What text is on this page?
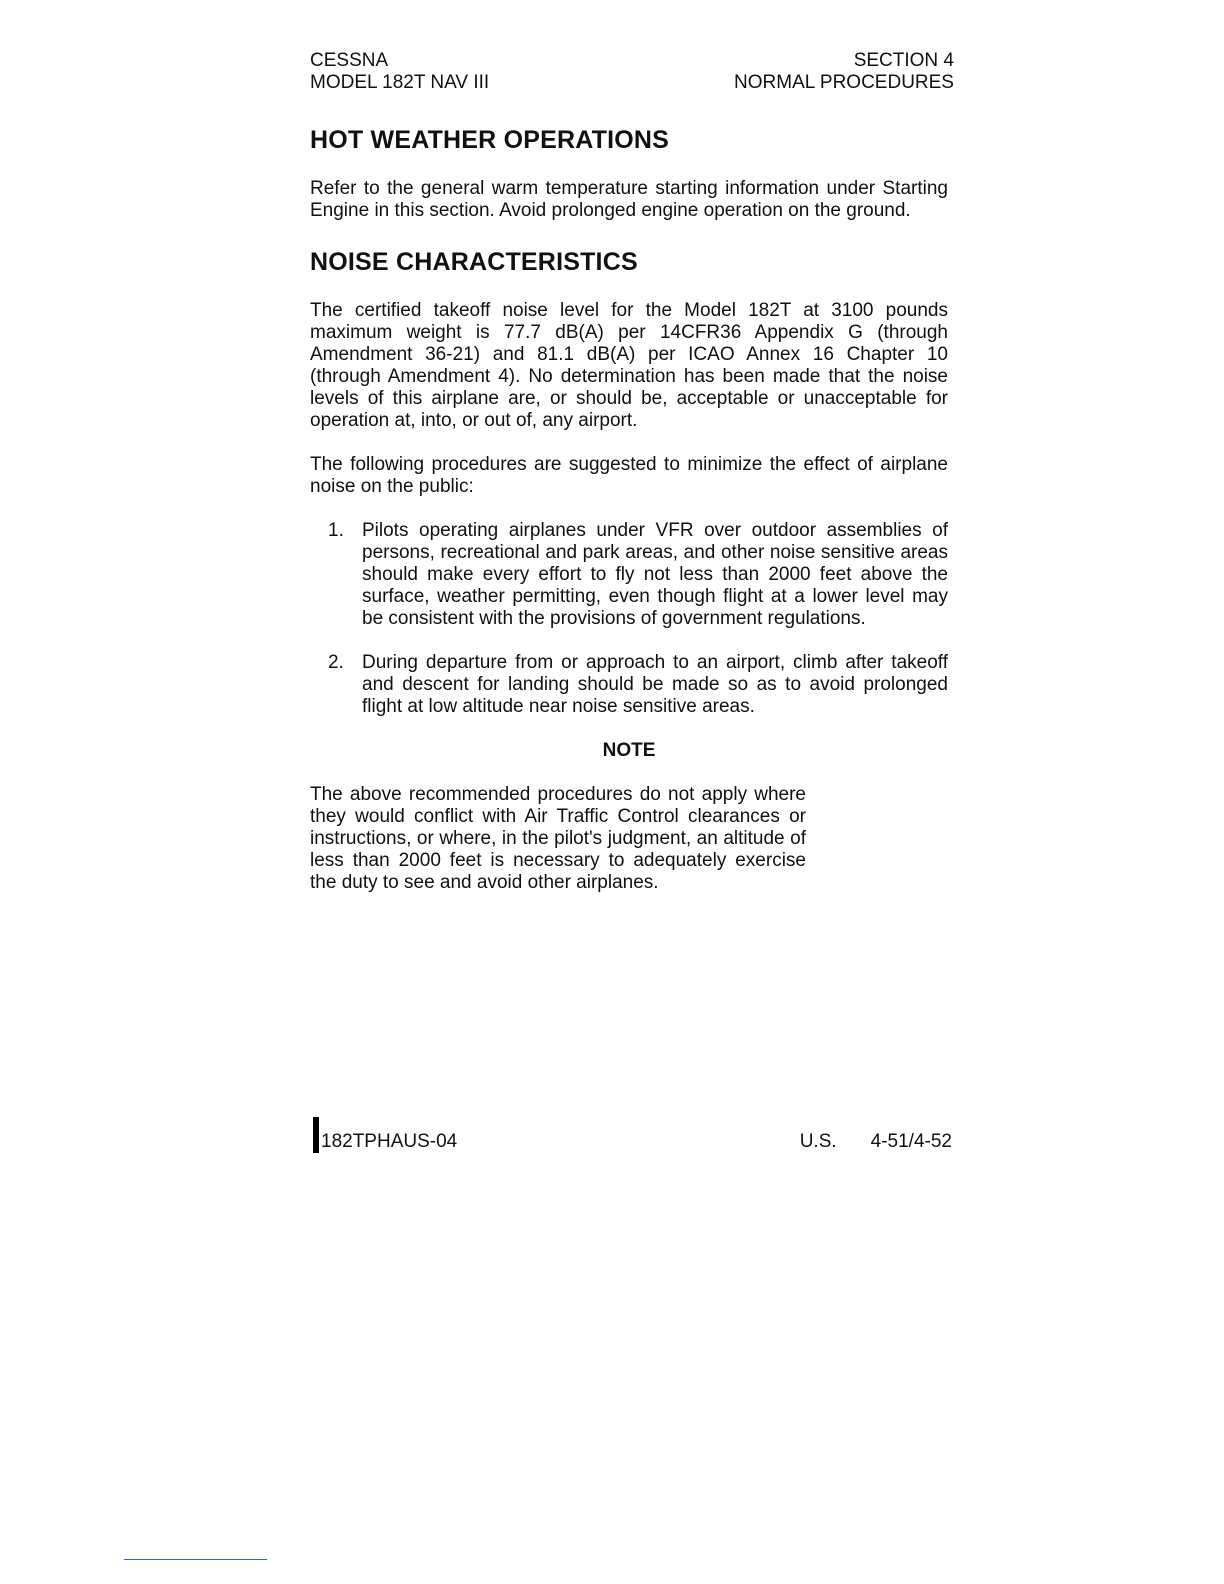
CESSNA
MODEL 182T NAV III
SECTION 4
NORMAL PROCEDURES
HOT WEATHER OPERATIONS

Refer to the general warm temperature starting information under Starting Engine in this section. Avoid prolonged engine operation on the ground.

NOISE CHARACTERISTICS

The certified takeoff noise level for the Model 182T at 3100 pounds maximum weight is 77.7 dB(A) per 14CFR36 Appendix G (through Amendment 36-21) and 81.1 dB(A) per ICAO Annex 16 Chapter 10 (through Amendment 4). No determination has been made that the noise levels of this airplane are, or should be, acceptable or unacceptable for operation at, into, or out of, any airport.

The following procedures are suggested to minimize the effect of airplane noise on the public:

1. Pilots operating airplanes under VFR over outdoor assemblies of persons, recreational and park areas, and other noise sensitive areas should make every effort to fly not less than 2000 feet above the surface, weather permitting, even though flight at a lower level may be consistent with the provisions of government regulations.

2. During departure from or approach to an airport, climb after takeoff and descent for landing should be made so as to avoid prolonged flight at low altitude near noise sensitive areas.

NOTE

The above recommended procedures do not apply where they would conflict with Air Traffic Control clearances or instructions, or where, in the pilot's judgment, an altitude of less than 2000 feet is necessary to adequately exercise the duty to see and avoid other airplanes.

182TPHAUS-04	U.S. 4-51/4-52
